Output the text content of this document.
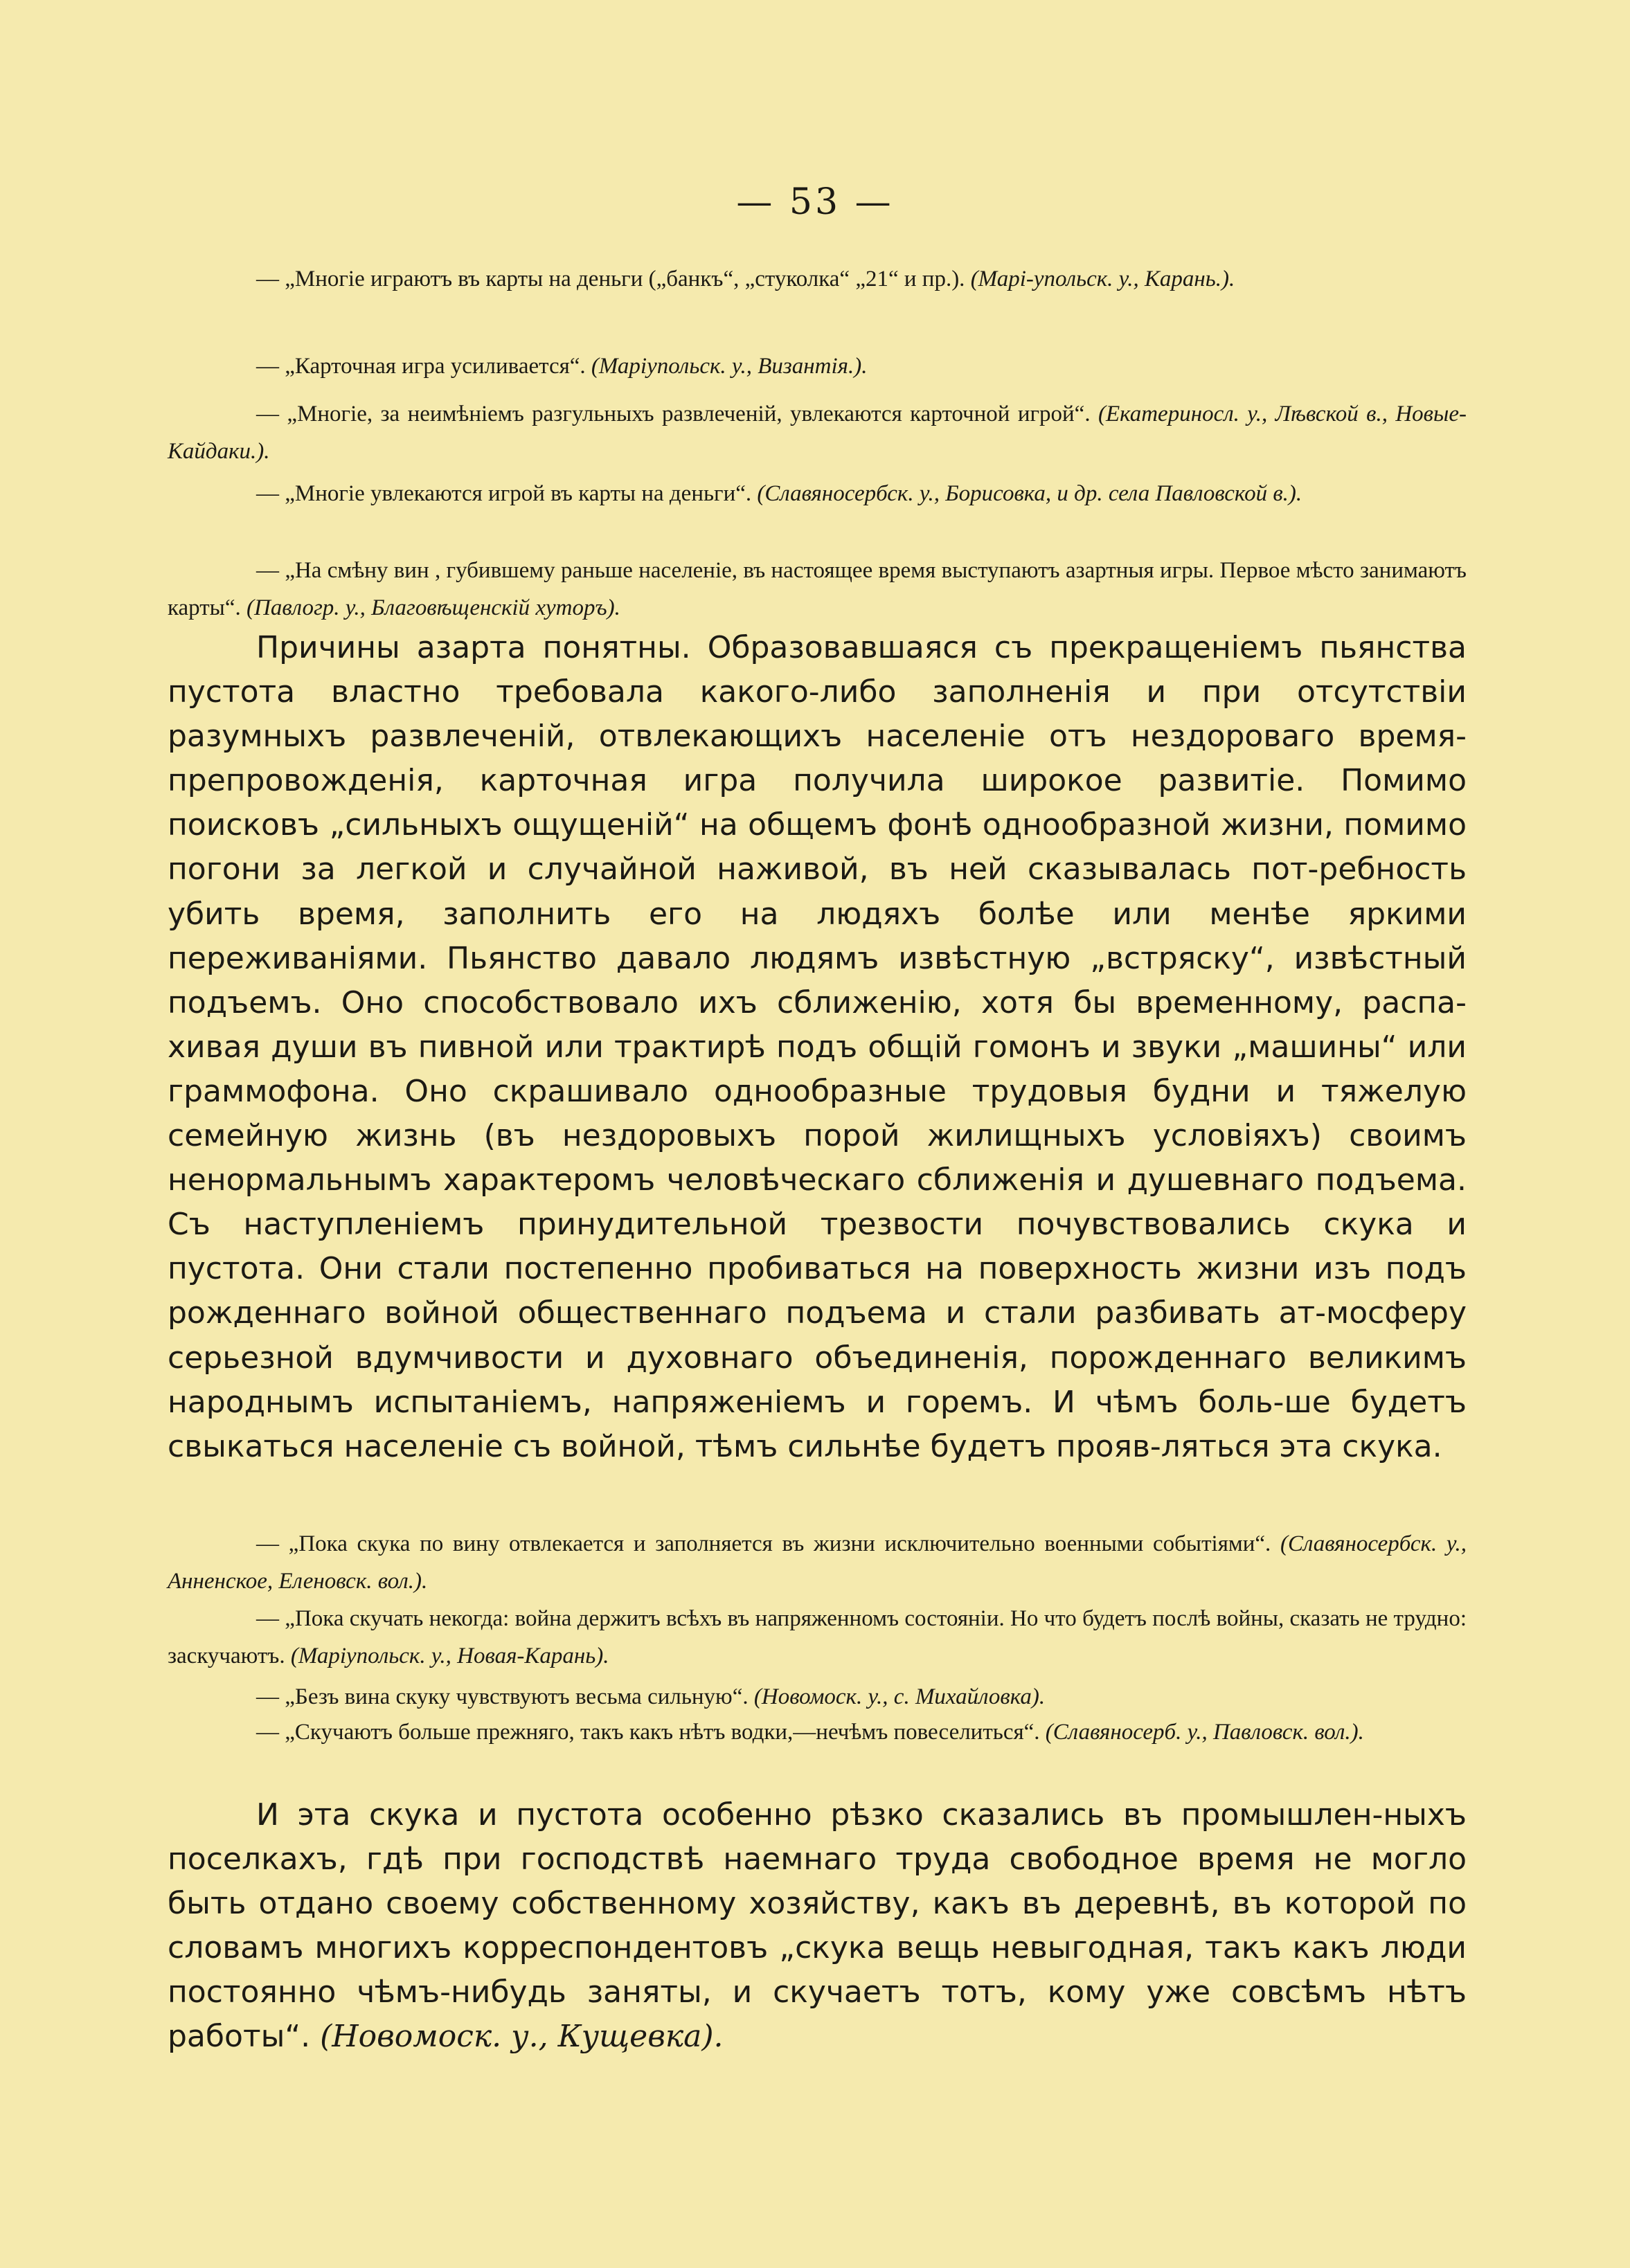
— 53 —
— „Многіе играютъ въ карты на деньги („банкъ“, „стуколка“ „21“ и пр.). (Марі-упольск. у., Карань.).
— „Карточная игра усиливается“. (Маріупольск. у., Византія.).
— „Многіе, за неимѣніемъ разгульныхъ развлеченій, увлекаются карточной игрой“. (Екатериносл. у., Лѣвской в., Новые-Кайдаки.).
— „Многіе увлекаются игрой въ карты на деньги“. (Славяносербск. у., Борисовка, и др. села Павловской в.).
— „На смѣну вин , губившему раньше населеніе, въ настоящее время выступаютъ азартныя игры. Первое мѣсто занимаютъ карты“. (Павлогр. у., Благовѣщенскій хуторъ).
Причины азарта понятны. Образовавшаяся съ прекращеніемъ пьянства пустота властно требовала какого-либо заполненія и при отсутствіи разумныхъ развлеченій, отвлекающихъ населеніе отъ нездороваго время-препровожденія, карточная игра получила широкое развитіе. Помимо поисковъ „сильныхъ ощущеній“ на общемъ фонѣ однообразной жизни, помимо погони за легкой и случайной наживой, въ ней сказывалась пот-ребность убить время, заполнить его на людяхъ болѣе или менѣе яркими переживаніями. Пьянство давало людямъ извѣстную „встряску“, извѣстный подъемъ. Оно способствовало ихъ сближенію, хотя бы временному, распа-хивая души въ пивной или трактирѣ подъ общій гомонъ и звуки „машины“ или граммофона. Оно скрашивало однообразные трудовыя будни и тяжелую семейную жизнь (въ нездоровыхъ порой жилищныхъ условіяхъ) своимъ ненормальнымъ характеромъ человѣческаго сближенія и душевнаго подъема. Съ наступленіемъ принудительной трезвости почувствовались скука и пустота. Они стали постепенно пробиваться на поверхность жизни изъ подъ рожденнаго войной общественнаго подъема и стали разбивать ат-мосферу серьезной вдумчивости и духовнаго объединенія, порожденнаго великимъ народнымъ испытаніемъ, напряженіемъ и горемъ. И чѣмъ боль-ше будетъ свыкаться населеніе съ войной, тѣмъ сильнѣе будетъ прояв-ляться эта скука.
— „Пока скука по вину отвлекается и заполняется въ жизни исключительно военными событіями“. (Славяносербск. у., Анненское, Еленовск. вол.).
— „Пока скучать некогда: война держитъ всѣхъ въ напряженномъ состояніи. Но что будетъ послѣ войны, сказать не трудно: заскучаютъ. (Маріупольск. у., Новая-Карань).
— „Безъ вина скуку чувствуютъ весьма сильную“. (Новомоск. у., с. Михайловка).
— „Скучаютъ больше прежняго, такъ какъ нѣтъ водки,—нечѣмъ повеселиться“. (Славяносерб. у., Павловск. вол.).
И эта скука и пустота особенно рѣзко сказались въ промышлен-ныхъ поселкахъ, гдѣ при господствѣ наемнаго труда свободное время не могло быть отдано своему собственному хозяйству, какъ въ деревнѣ, въ которой по словамъ многихъ корреспондентовъ „скука вещь невыгодная, такъ какъ люди постоянно чѣмъ-нибудь заняты, и скучаетъ тотъ, кому уже совсѣмъ нѣтъ работы“. (Новомоск. у., Кущевка).
